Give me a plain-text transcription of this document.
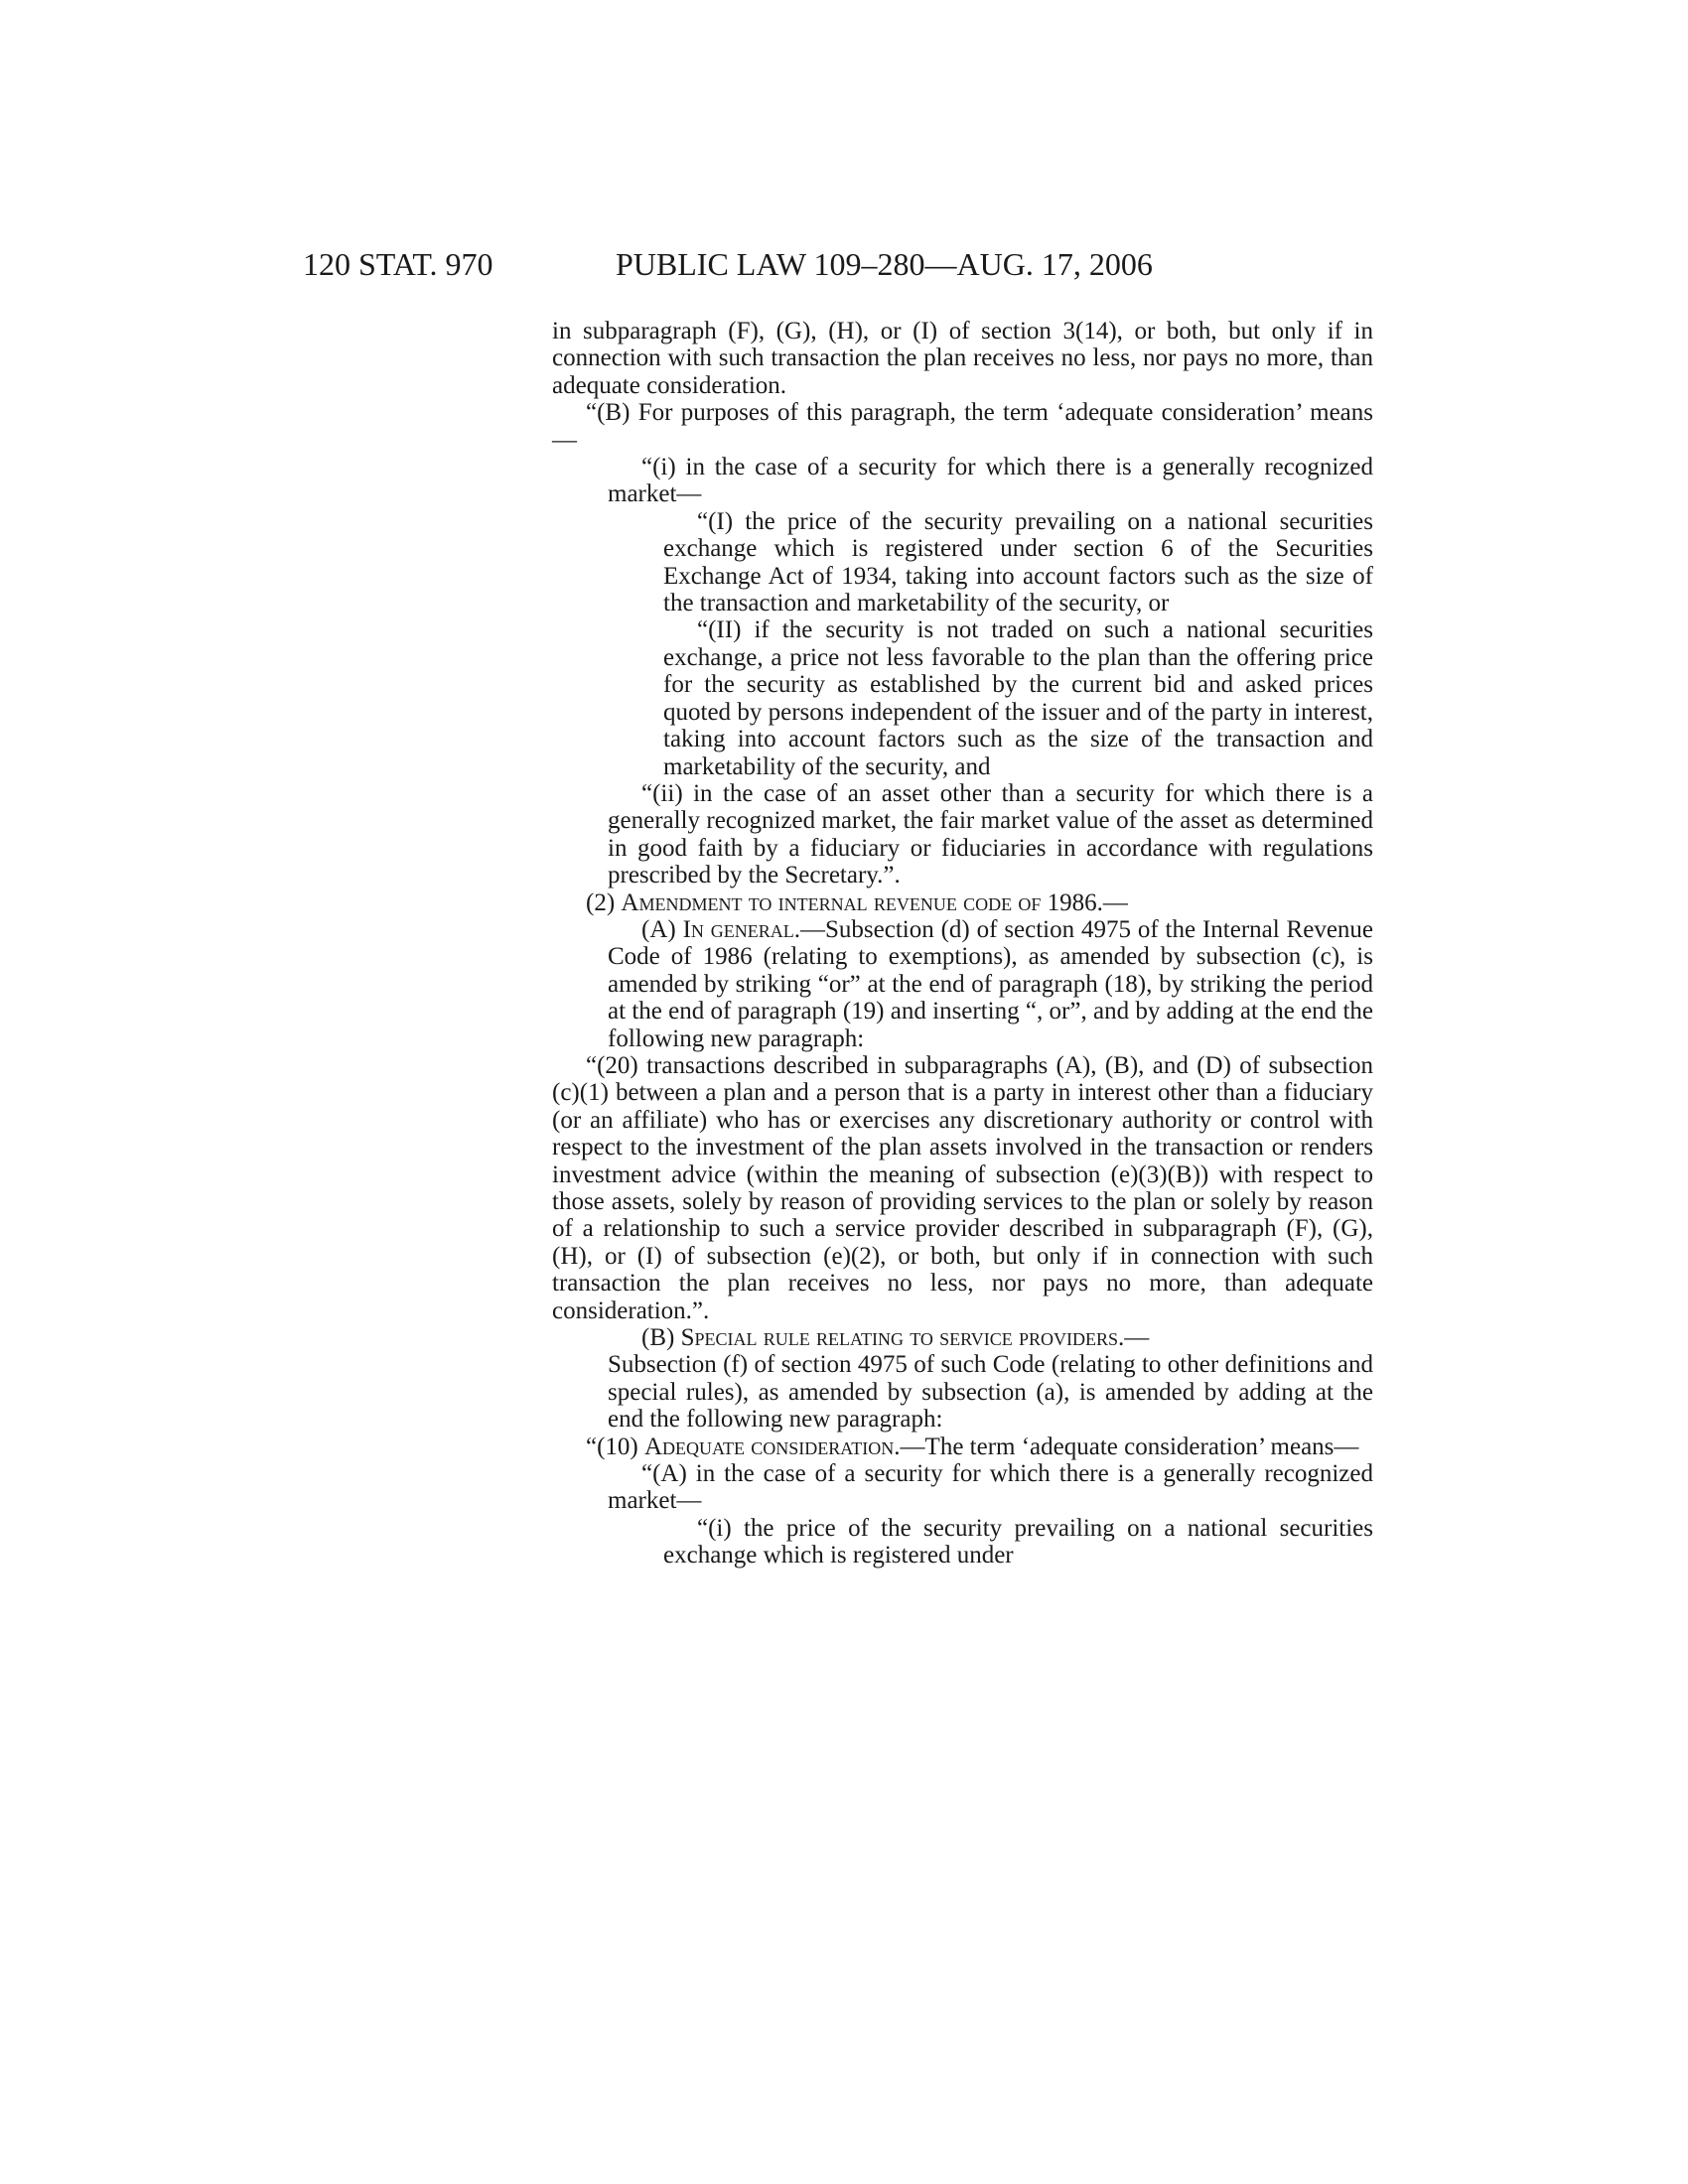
120 STAT. 970	PUBLIC LAW 109–280—AUG. 17, 2006

in subparagraph (F), (G), (H), or (I) of section 3(14), or both, but only if in connection with such transaction the plan receives no less, nor pays no more, than adequate consideration.

“(B) For purposes of this paragraph, the term ‘adequate consideration’ means—

“(i) in the case of a security for which there is a generally recognized market—

“(I) the price of the security prevailing on a national securities exchange which is registered under section 6 of the Securities Exchange Act of 1934, taking into account factors such as the size of the transaction and marketability of the security, or

“(II) if the security is not traded on such a national securities exchange, a price not less favorable to the plan than the offering price for the security as established by the current bid and asked prices quoted by persons independent of the issuer and of the party in interest, taking into account factors such as the size of the transaction and marketability of the security, and

“(ii) in the case of an asset other than a security for which there is a generally recognized market, the fair market value of the asset as determined in good faith by a fiduciary or fiduciaries in accordance with regulations prescribed by the Secretary.”.

(2) Amendment to internal revenue code of 1986.—

(A) In general.—Subsection (d) of section 4975 of the Internal Revenue Code of 1986 (relating to exemptions), as amended by subsection (c), is amended by striking “or” at the end of paragraph (18), by striking the period at the end of paragraph (19) and inserting “, or”, and by adding at the end the following new paragraph:

“(20) transactions described in subparagraphs (A), (B), and (D) of subsection (c)(1) between a plan and a person that is a party in interest other than a fiduciary (or an affiliate) who has or exercises any discretionary authority or control with respect to the investment of the plan assets involved in the transaction or renders investment advice (within the meaning of subsection (e)(3)(B)) with respect to those assets, solely by reason of providing services to the plan or solely by reason of a relationship to such a service provider described in subparagraph (F), (G), (H), or (I) of subsection (e)(2), or both, but only if in connection with such transaction the plan receives no less, nor pays no more, than adequate consideration.”.

(B) Special rule relating to service providers.—
Subsection (f) of section 4975 of such Code (relating to other definitions and special rules), as amended by subsection (a), is amended by adding at the end the following new paragraph:

“(10) Adequate consideration.—The term ‘adequate consideration’ means—

“(A) in the case of a security for which there is a generally recognized market—

“(i) the price of the security prevailing on a national securities exchange which is registered under
